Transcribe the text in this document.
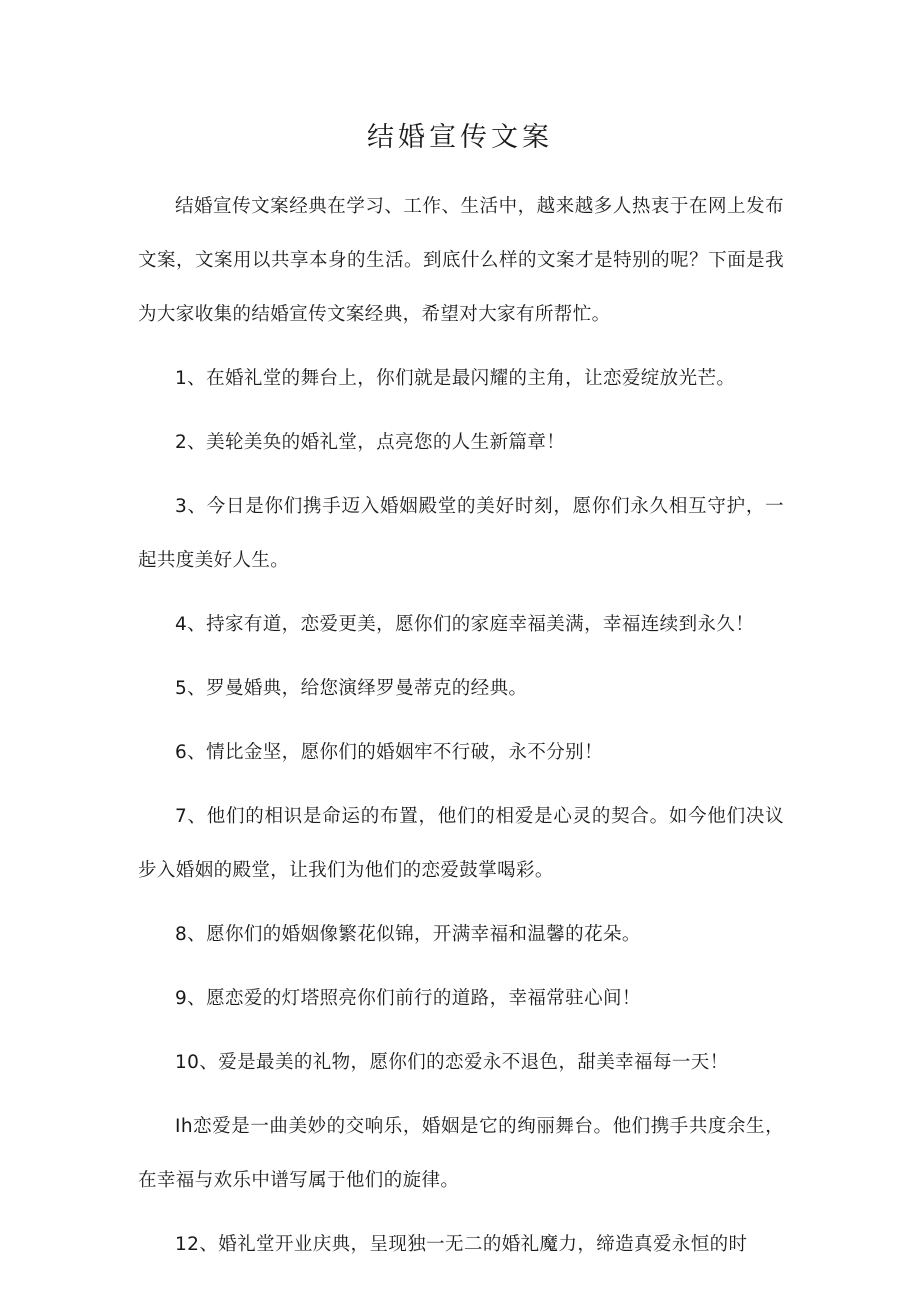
结婚宣传文案

结婚宣传文案经典在学习、工作、生活中，越来越多人热衷于在网上发布文案，文案用以共享本身的生活。到底什么样的文案才是特别的呢？下面是我为大家收集的结婚宣传文案经典，希望对大家有所帮忙。

1、在婚礼堂的舞台上，你们就是最闪耀的主角，让恋爱绽放光芒。

2、美轮美奂的婚礼堂，点亮您的人生新篇章！

3、今日是你们携手迈入婚姻殿堂的美好时刻，愿你们永久相互守护，一起共度美好人生。

4、持家有道，恋爱更美，愿你们的家庭幸福美满，幸福连续到永久！

5、罗曼婚典，给您演绎罗曼蒂克的经典。

6、情比金坚，愿你们的婚姻牢不行破，永不分别！

7、他们的相识是命运的布置，他们的相爱是心灵的契合。如今他们决议步入婚姻的殿堂，让我们为他们的恋爱鼓掌喝彩。

8、愿你们的婚姻像繁花似锦，开满幸福和温馨的花朵。

9、愿恋爱的灯塔照亮你们前行的道路，幸福常驻心间！

10、爱是最美的礼物，愿你们的恋爱永不退色，甜美幸福每一天！

Ih恋爱是一曲美妙的交响乐，婚姻是它的绚丽舞台。他们携手共度余生，在幸福与欢乐中谱写属于他们的旋律。

12、婚礼堂开业庆典，呈现独一无二的婚礼魔力，缔造真爱永恒的时
